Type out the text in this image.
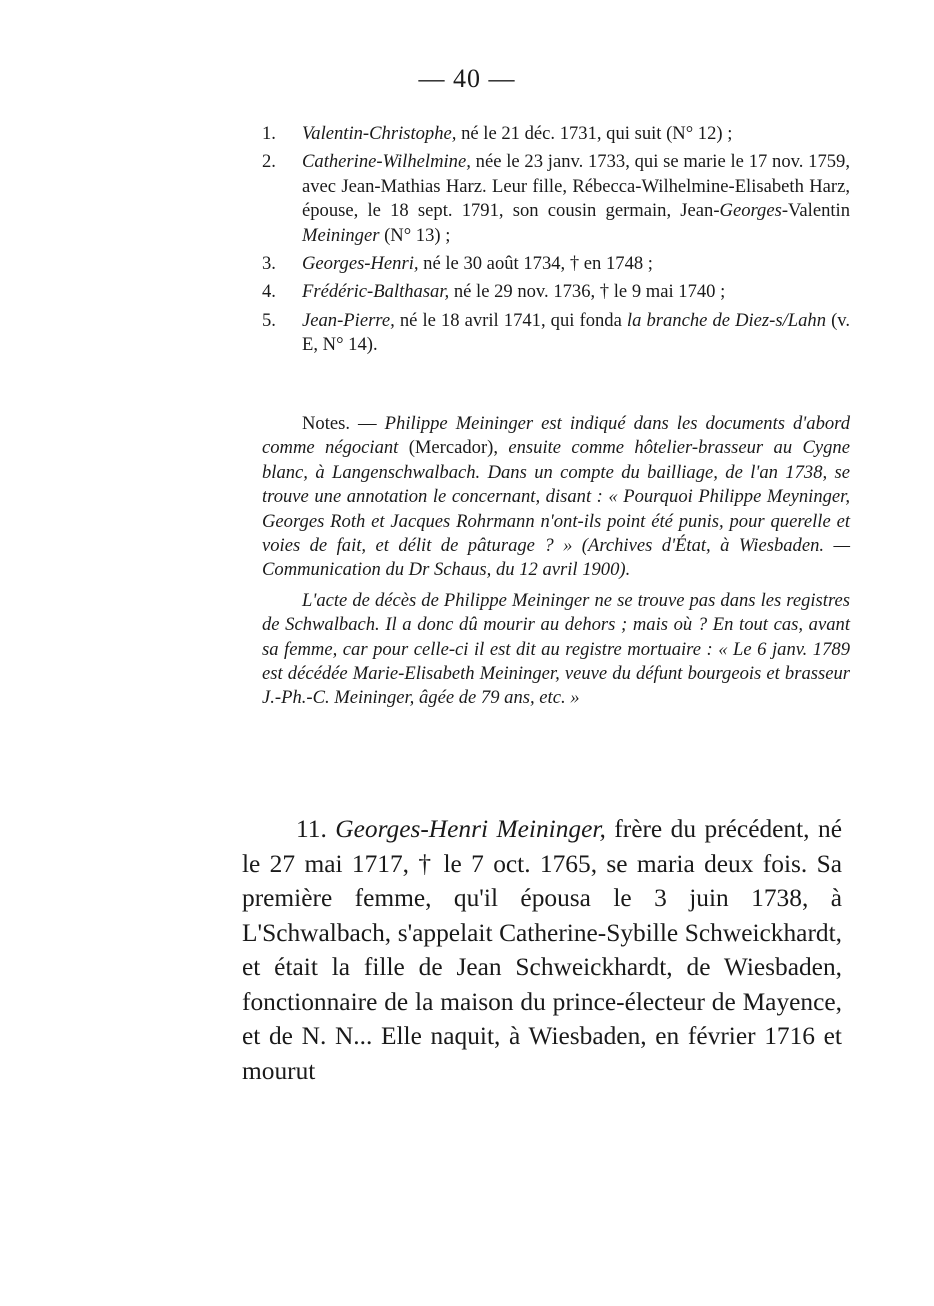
— 40 —
1. Valentin-Christophe, né le 21 déc. 1731, qui suit (N° 12) ;
2. Catherine-Wilhelmine, née le 23 janv. 1733, qui se marie le 17 nov. 1759, avec Jean-Mathias Harz. Leur fille, Rébecca-Wilhelmine-Elisabeth Harz, épouse, le 18 sept. 1791, son cousin germain, Jean-Georges-Valentin Meininger (N° 13) ;
3. Georges-Henri, né le 30 août 1734, † en 1748 ;
4. Frédéric-Balthasar, né le 29 nov. 1736, † le 9 mai 1740 ;
5. Jean-Pierre, né le 18 avril 1741, qui fonda la branche de Diez-s/Lahn (v. E, N° 14).

Notes. — Philippe Meininger est indiqué dans les documents d'abord comme négociant (Mercador), ensuite comme hôtelier-brasseur au Cygne blanc, à Langenschwalbach. Dans un compte du bailliage, de l'an 1738, se trouve une annotation le concernant, disant : « Pourquoi Philippe Meyninger, Georges Roth et Jacques Rohrmann n'ont-ils point été punis, pour querelle et voies de fait, et délit de pâturage ? » (Archives d'État, à Wiesbaden. — Communication du Dr Schaus, du 12 avril 1900).

L'acte de décès de Philippe Meininger ne se trouve pas dans les registres de Schwalbach. Il a donc dû mourir au dehors ; mais où ? En tout cas, avant sa femme, car pour celle-ci il est dit au registre mortuaire : « Le 6 janv. 1789 est décédée Marie-Elisabeth Meininger, veuve du défunt bourgeois et brasseur J.-Ph.-C. Meininger, âgée de 79 ans, etc. »

11. Georges-Henri Meininger, frère du précédent, né le 27 mai 1717, † le 7 oct. 1765, se maria deux fois. Sa première femme, qu'il épousa le 3 juin 1738, à L'Schwalbach, s'appelait Catherine-Sybille Schweickhardt, et était la fille de Jean Schweickhardt, de Wiesbaden, fonctionnaire de la maison du prince-électeur de Mayence, et de N. N... Elle naquit, à Wiesbaden, en février 1716 et mourut
